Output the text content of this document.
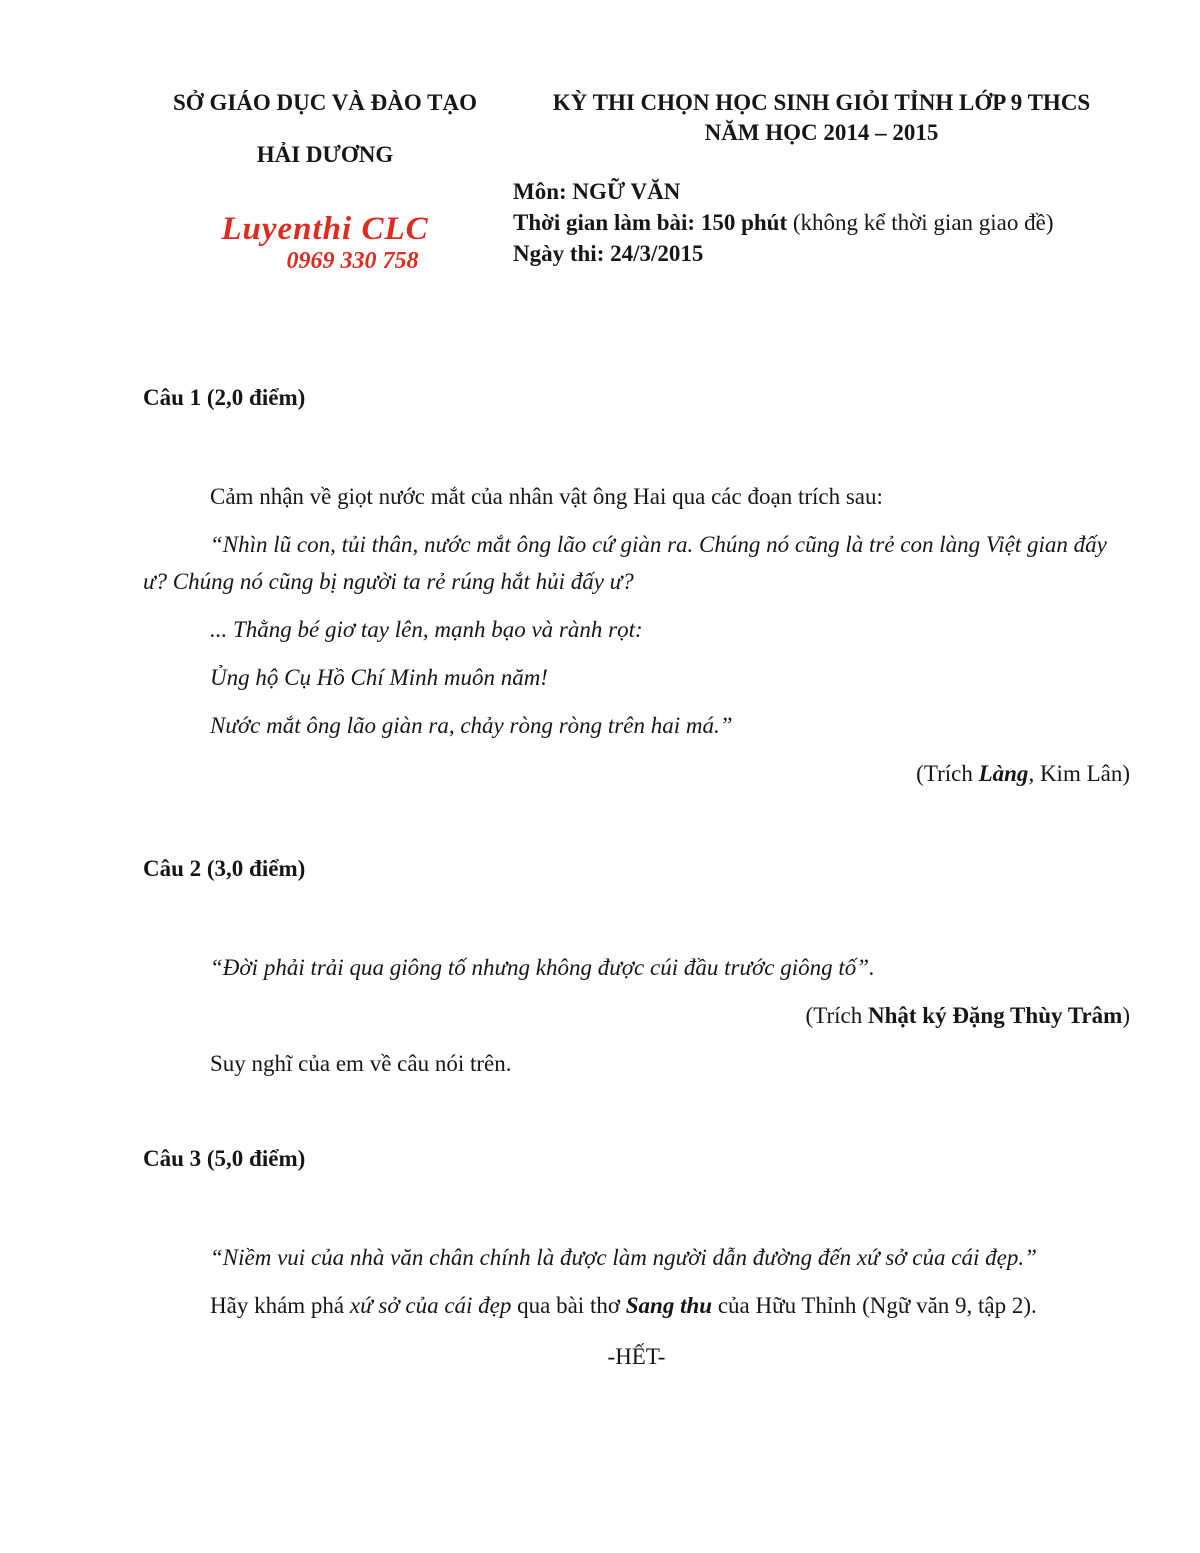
SỞ GIÁO DỤC VÀ ĐÀO TẠO
HẢI DƯƠNG
Luyenthi CLC
0969 330 758
KỲ THI CHỌN HỌC SINH GIỎI TỈNH LỚP 9 THCS
NĂM HỌC 2014 – 2015
Môn: NGỮ VĂN
Thời gian làm bài: 150 phút (không kể thời gian giao đề)
Ngày thi: 24/3/2015
Câu 1 (2,0 điểm)

Cảm nhận về giọt nước mắt của nhân vật ông Hai qua các đoạn trích sau:

“Nhìn lũ con, tủi thân, nước mắt ông lão cứ giàn ra. Chúng nó cũng là trẻ con làng Việt gian đấy ư? Chúng nó cũng bị người ta rẻ rúng hắt hủi đấy ư?

... Thằng bé giơ tay lên, mạnh bạo và rành rọt:

Ủng hộ Cụ Hồ Chí Minh muôn năm!

Nước mắt ông lão giàn ra, chảy ròng ròng trên hai má.”

(Trích Làng, Kim Lân)

Câu 2 (3,0 điểm)

“Đời phải trải qua giông tố nhưng không được cúi đầu trước giông tố”.

(Trích Nhật ký Đặng Thùy Trâm)

Suy nghĩ của em về câu nói trên.

Câu 3 (5,0 điểm)

“Niềm vui của nhà văn chân chính là được làm người dẫn đường đến xứ sở của cái đẹp.”

Hãy khám phá xứ sở của cái đẹp qua bài thơ Sang thu của Hữu Thỉnh (Ngữ văn 9, tập 2).

-HẾT-
